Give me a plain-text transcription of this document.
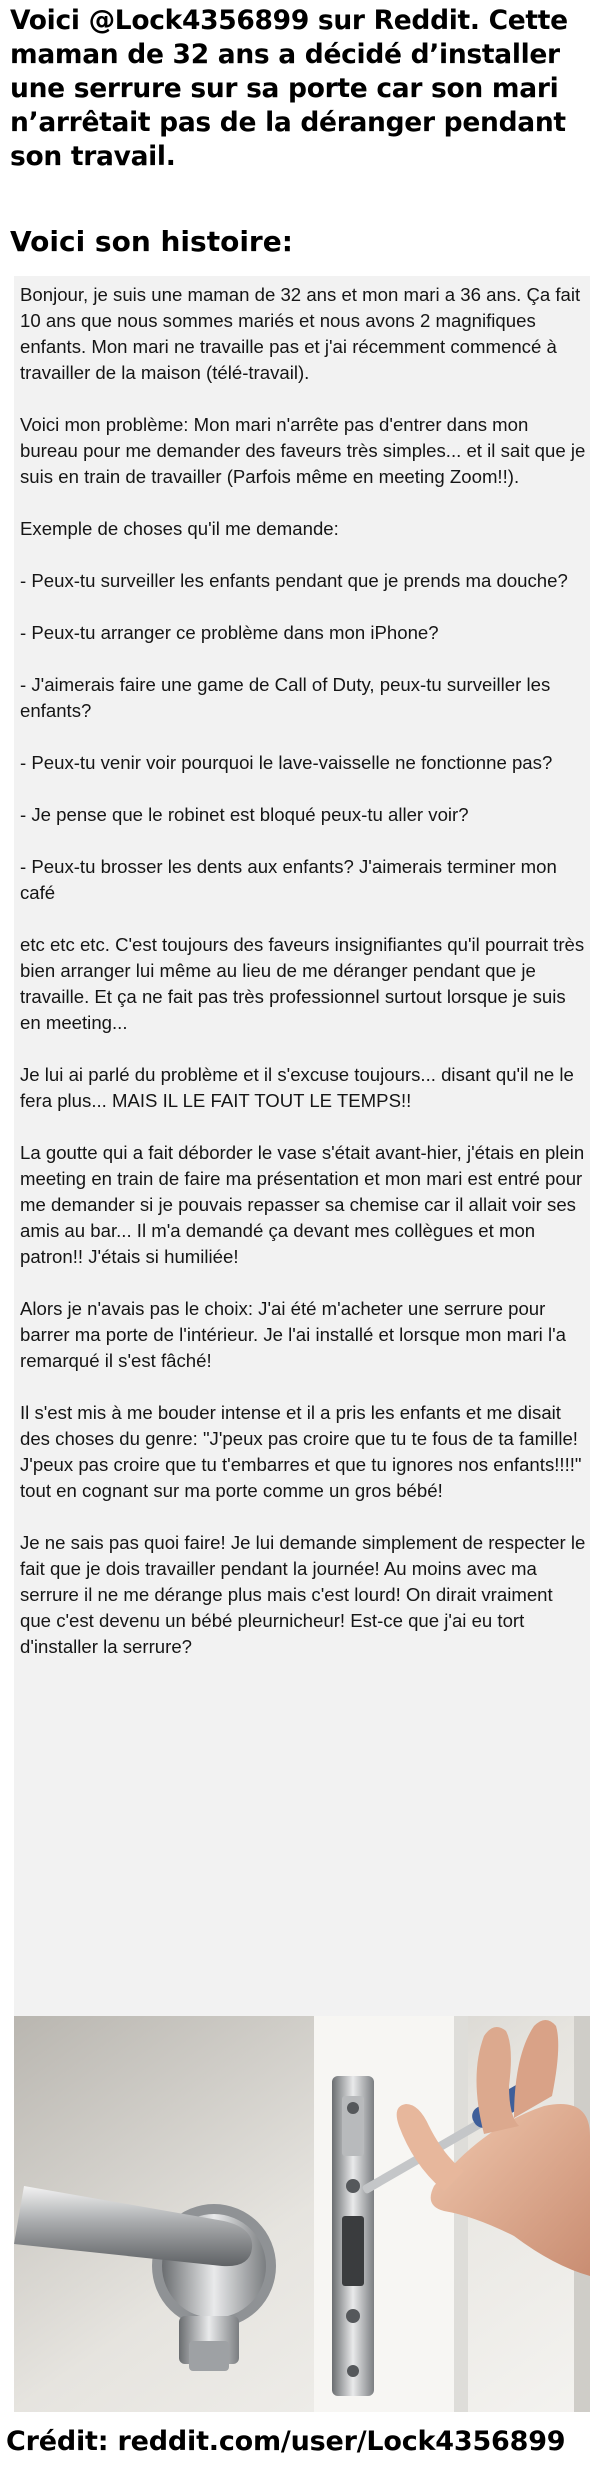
Voici @Lock4356899 sur Reddit. Cette maman de 32 ans a décidé d’installer une serrure sur sa porte car son mari n’arrêtait pas de la déranger pendant son travail.
Voici son histoire:

Bonjour, je suis une maman de 32 ans et mon mari a 36 ans. Ça fait 10 ans que nous sommes mariés et nous avons 2 magnifiques enfants. Mon mari ne travaille pas et j'ai récemment commencé à travailler de la maison (télé-travail).

Voici mon problème: Mon mari n'arrête pas d'entrer dans mon bureau pour me demander des faveurs très simples... et il sait que je suis en train de travailler (Parfois même en meeting Zoom!!).

Exemple de choses qu'il me demande:

- Peux-tu surveiller les enfants pendant que je prends ma douche?

- Peux-tu arranger ce problème dans mon iPhone?

- J'aimerais faire une game de Call of Duty, peux-tu surveiller les enfants?

- Peux-tu venir voir pourquoi le lave-vaisselle ne fonctionne pas?

- Je pense que le robinet est bloqué peux-tu aller voir?

- Peux-tu brosser les dents aux enfants? J'aimerais terminer mon café

etc etc etc. C'est toujours des faveurs insignifiantes qu'il pourrait très bien arranger lui même au lieu de me déranger pendant que je travaille. Et ça ne fait pas très professionnel surtout lorsque je suis en meeting...

Je lui ai parlé du problème et il s'excuse toujours... disant qu'il ne le fera plus... MAIS IL LE FAIT TOUT LE TEMPS!!

La goutte qui a fait déborder le vase s'était avant-hier, j'étais en plein meeting en train de faire ma présentation et mon mari est entré pour me demander si je pouvais repasser sa chemise car il allait voir ses amis au bar... Il m'a demandé ça devant mes collègues et mon patron!! J'étais si humiliée!

Alors je n'avais pas le choix: J'ai été m'acheter une serrure pour barrer ma porte de l'intérieur. Je l'ai installé et lorsque mon mari l'a remarqué il s'est fâché!

Il s'est mis à me bouder intense et il a pris les enfants et me disait des choses du genre: "J'peux pas croire que tu te fous de ta famille! J'peux pas croire que tu t'embarres et que tu ignores nos enfants!!!!" tout en cognant sur ma porte comme un gros bébé!

Je ne sais pas quoi faire! Je lui demande simplement de respecter le fait que je dois travailler pendant la journée! Au moins avec ma serrure il ne me dérange plus mais c'est lourd! On dirait vraiment que c'est devenu un bébé pleurnicheur! Est-ce que j'ai eu tort d'installer la serrure?

Crédit: reddit.com/user/Lock4356899
